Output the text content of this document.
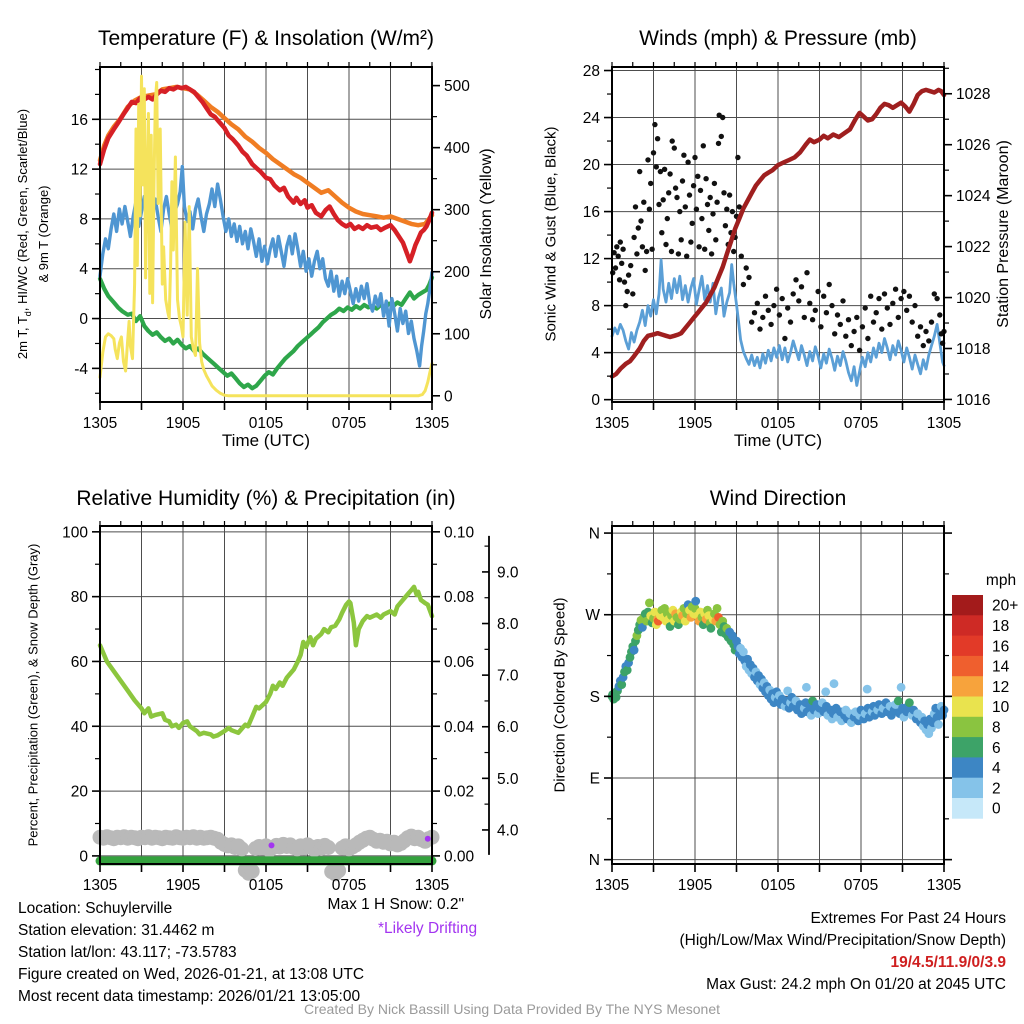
1305	1905	0105	0705	1305
-4
0
4
8
12
16
0
100
200
300
400
500
1305	1905	0105	0705	1305
0
4
8
12
16
20
24
28
1016
1018
1020
1022
1024
1026
1028
1305	1905	0105	0705	1305
0
20
40
60
80
100
0.00
0.02
0.04
0.06
0.08
0.10
4.0
5.0
6.0
7.0
8.0
9.0
1305	1905	0105	0705	1305
N
W
S
E
N
20+
18
16
14
12
10
8
6
4
2
0
Temperature (F) & Insolation (W/m²)	Winds (mph) & Pressure (mb)
Relative Humidity (%) & Precipitation (in)	Wind Direction
Time (UTC)	Time (UTC)
2m T, $T_d$, HI/WC (Red, Green, Scarlet/Blue) & 9m T (Orange)	Solar Insolation (Yellow)	Sonic Wind & Gust (Blue, Black)	Station Pressure (Maroon)
Percent, Precipitation (Green), & Snow Depth (Gray)	Direction (Colored By Speed)
mph
Max 1 H Snow: 0.2"
*Likely Drifting
Location: Schuylerville
Station elevation: 31.4462 m
Station lat/lon: 43.117; -73.5783
Figure created on Wed, 2026-01-21, at 13:08 UTC
Most recent data timestamp: 2026/01/21 13:05:00
Extremes For Past 24 Hours
(High/Low/Max Wind/Precipitation/Snow Depth)
19/4.5/11.9/0/3.9
Max Gust: 24.2 mph On 01/20 at 2045 UTC
Created By Nick Bassill Using Data Provided By The NYS Mesonet
